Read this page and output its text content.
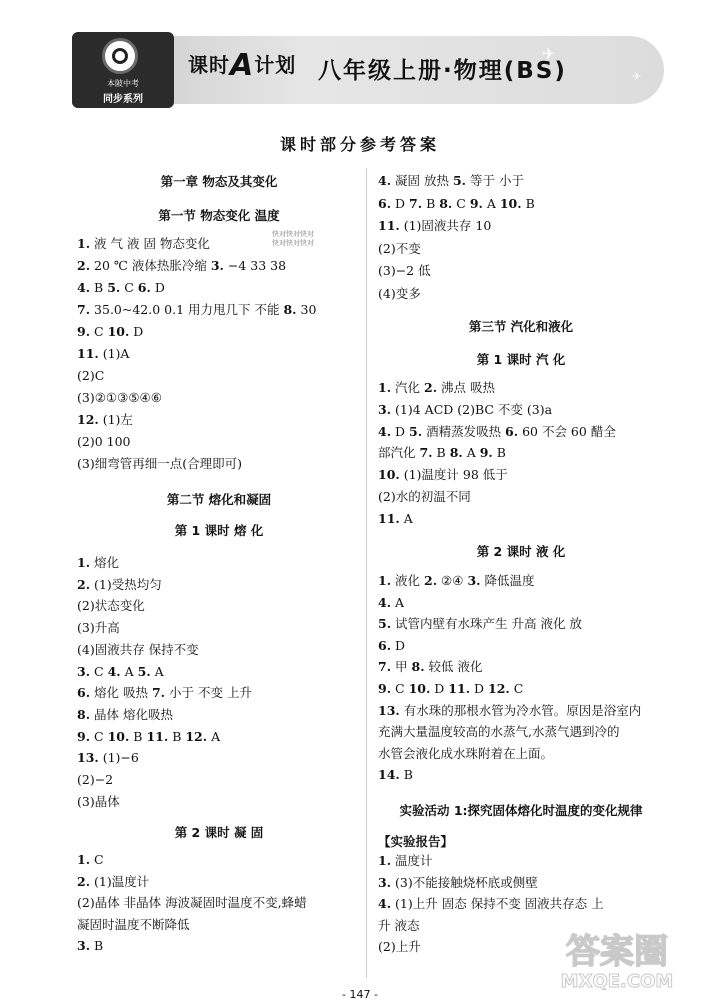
✈
✈
本陂中考
同步系列
课时A计划 八年级上册·物理(BS)
课时部分参考答案
快对快对快对
快对快对快对
第一章 物态及其变化
第一节 物态变化 温度
1. 液 气 液 固 物态变化
2. 20 ℃ 液体热胀冷缩 3. −4 33 38
4. B 5. C 6. D
7. 35.0~42.0 0.1 用力甩几下 不能 8. 30
9. C 10. D
11. (1)A
(2)C
(3)②①③⑤④⑥
12. (1)左
(2)0 100
(3)细弯管再细一点(合理即可)
第二节 熔化和凝固
第 1 课时 熔 化
1. 熔化
2. (1)受热均匀
(2)状态变化
(3)升高
(4)固液共存 保持不变
3. C 4. A 5. A
6. 熔化 吸热 7. 小于 不变 上升
8. 晶体 熔化吸热
9. C 10. B 11. B 12. A
13. (1)−6
(2)−2
(3)晶体
第 2 课时 凝 固
1. C
2. (1)温度计
(2)晶体 非晶体 海波凝固时温度不变,蜂蜡
凝固时温度不断降低
3. B
4. 凝固 放热 5. 等于 小于
6. D 7. B 8. C 9. A 10. B
11. (1)固液共存 10
(2)不变
(3)−2 低
(4)变多
第三节 汽化和液化
第 1 课时 汽 化
1. 汽化 2. 沸点 吸热
3. (1)4 ACD (2)BC 不变 (3)a
4. D 5. 酒精蒸发吸热 6. 60 不会 60 醋全
部汽化 7. B 8. A 9. B
10. (1)温度计 98 低于
(2)水的初温不同
11. A
第 2 课时 液 化
1. 液化 2. ②④ 3. 降低温度
4. A
5. 试管内壁有水珠产生 升高 液化 放
6. D
7. 甲 8. 较低 液化
9. C 10. D 11. D 12. C
13. 有水珠的那根水管为冷水管。原因是浴室内
充满大量温度较高的水蒸气,水蒸气遇到冷的
水管会液化成水珠附着在上面。
14. B
实验活动 1:探究固体熔化时温度的变化规律
【实验报告】
1. 温度计
3. (3)不能接触烧杯底或侧壁
4. (1)上升 固态 保持不变 固液共存态 上
升 液态
(2)上升
- 147 -
答案圈
MXQE.COM
